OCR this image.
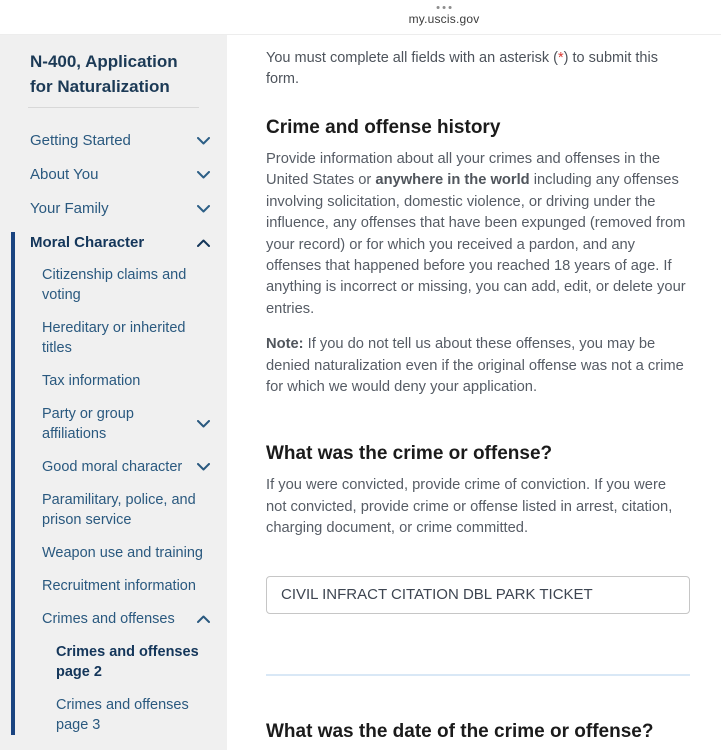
my.uscis.gov
N-400, Application for Naturalization
Getting Started
About You
Your Family
Moral Character
Citizenship claims and voting
Hereditary or inherited titles
Tax information
Party or group affiliations
Good moral character
Paramilitary, police, and prison service
Weapon use and training
Recruitment information
Crimes and offenses
Crimes and offenses page 2
Crimes and offenses page 3

You must complete all fields with an asterisk (*) to submit this form.

Crime and offense history

Provide information about all your crimes and offenses in the United States or anywhere in the world including any offenses involving solicitation, domestic violence, or driving under the influence, any offenses that have been expunged (removed from your record) or for which you received a pardon, and any offenses that happened before you reached 18 years of age. If anything is incorrect or missing, you can add, edit, or delete your entries.

Note: If you do not tell us about these offenses, you may be denied naturalization even if the original offense was not a crime for which we would deny your application.

What was the crime or offense?

If you were convicted, provide crime of conviction. If you were not convicted, provide crime or offense listed in arrest, citation, charging document, or crime committed.

CIVIL INFRACT CITATION DBL PARK TICKET
What was the date of the crime or offense?
